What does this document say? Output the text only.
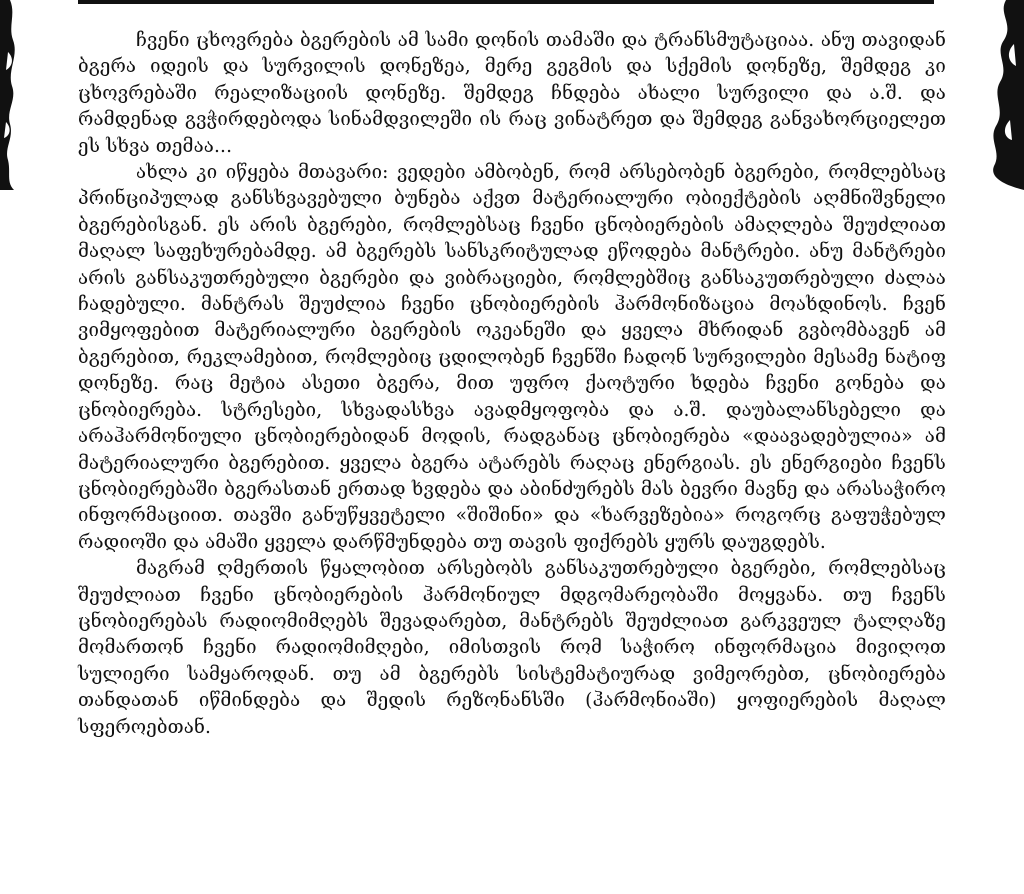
ჩვენი ცხოვრება ბგერების ამ სამი დონის თამაში და ტრანსმუტაციაა. ანუ თავიდან ბგერა იდეის და სურვილის დონეზეა, მერე გეგმის და სქემის დონეზე, შემდეგ კი ცხოვრებაში რეალიზაციის დონეზე. შემდეგ ჩნდება ახალი სურვილი და ა.შ. და რამდენად გვჭირდებოდა სინამდვილეში ის რაც ვინატრეთ და შემდეგ განვახორციელეთ ეს სხვა თემაა...

ახლა კი იწყება მთავარი: ვედები ამბობენ, რომ არსებობენ ბგერები, რომლებსაც პრინციპულად განსხვავებული ბუნება აქვთ მატერიალური ობიექტების აღმნიშვნელი ბგერებისგან. ეს არის ბგერები, რომლებსაც ჩვენი ცნობიერების ამაღლება შეუძლიათ მაღალ საფეხურებამდე. ამ ბგერებს სანსკრიტულად ეწოდება მანტრები. ანუ მანტრები არის განსაკუთრებული ბგერები და ვიბრაციები, რომლებშიც განსაკუთრებული ძალაა ჩადებული. მანტრას შეუძლია ჩვენი ცნობიერების ჰარმონიზაცია მოახდინოს. ჩვენ ვიმყოფებით მატერიალური ბგერების ოკეანეში და ყველა მხრიდან გვბომბავენ ამ ბგერებით, რეკლამებით, რომლებიც ცდილობენ ჩვენში ჩადონ სურვილები მესამე ნატიფ დონეზე. რაც მეტია ასეთი ბგერა, მით უფრო ქაოტური ხდება ჩვენი გონება და ცნობიერება. სტრესები, სხვადასხვა ავადმყოფობა და ა.შ. დაუბალანსებელი და არაჰარმონიული ცნობიერებიდან მოდის, რადგანაც ცნობიერება «დაავადებულია» ამ მატერიალური ბგერებით. ყველა ბგერა ატარებს რაღაც ენერგიას. ეს ენერგიები ჩვენს ცნობიერებაში ბგერასთან ერთად ხვდება და აბინძურებს მას ბევრი მავნე და არასაჭირო ინფორმაციით. თავში განუწყვეტელი «შიშინი» და «ხარვეზებია» როგორც გაფუჭებულ რადიოში და ამაში ყველა დარწმუნდება თუ თავის ფიქრებს ყურს დაუგდებს.

მაგრამ ღმერთის წყალობით არსებობს განსაკუთრებული ბგერები, რომლებსაც შეუძლიათ ჩვენი ცნობიერების ჰარმონიულ მდგომარეობაში მოყვანა. თუ ჩვენს ცნობიერებას რადიომიმღებს შევადარებთ, მანტრებს შეუძლიათ გარკვეულ ტალღაზე მომართონ ჩვენი რადიომიმღები, იმისთვის რომ საჭირო ინფორმაცია მივიღოთ სულიერი სამყაროდან. თუ ამ ბგერებს სისტემატიურად ვიმეორებთ, ცნობიერება თანდათან იწმინდება და შედის რეზონანსში (ჰარმონიაში) ყოფიერების მაღალ სფეროებთან.
